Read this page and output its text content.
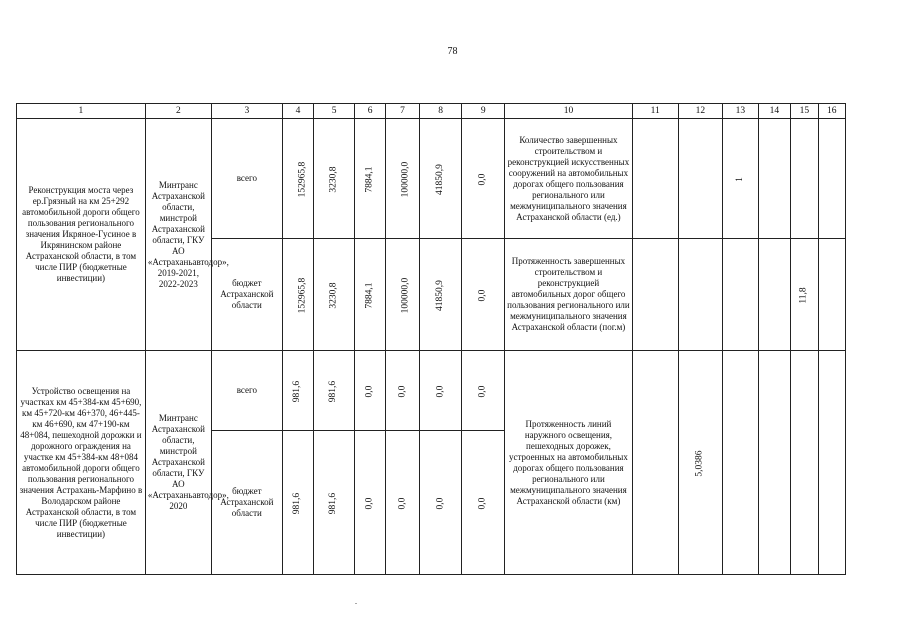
78
1	2	3	4	5	6	7	8	9	10	11	12	13	14	15	16
Реконструкция моста через ер.Грязный на км 25+292 автомобильной дороги общего пользования регионального значения Икряное-Гусиное в Икрянинском районе Астраханской области, в том числе ПИР (бюджетные инвестиции)	Минтранс Астраханской области, минстрой Астраханской области, ГКУ АО «Астраханьавтодор», 2019-2021, 2022-2023	всего	152965,8	3230,8	7884,1	100000,0	41850,9	0,0	Количество завершенных строительством и реконструкцией искусственных сооружений на автомобильных дорогах общего пользования регионального или межмуниципального значения Астраханской области (ед.)			1			
		бюджет Астраханской области	152965,8	3230,8	7884,1	100000,0	41850,9	0,0	Протяженность завершенных строительством и реконструкцией автомобильных дорог общего пользования регионального или межмуниципального значения Астраханской области (пог.м)					11,8	
Устройство освещения на участках км 45+384-км 45+690, км 45+720-км 46+370, 46+445-км 46+690, км 47+190-км 48+084, пешеходной дорожки и дорожного ограждения на участке км 45+384-км 48+084 автомобильной дороги общего пользования регионального значения Астрахань-Марфино в Володарском районе Астраханской области, в том числе ПИР (бюджетные инвестиции)	Минтранс Астраханской области, минстрой Астраханской области, ГКУ АО «Астраханьавтодор», 2020	всего	981,6	981,6	0,0	0,0	0,0	0,0	Протяженность линий наружного освещения, пешеходных дорожек, устроенных на автомобильных дорогах общего пользования регионального или межмуниципального значения Астраханской области (км)		5,0386				
		бюджет Астраханской области	981,6	981,6	0,0	0,0	0,0	0,0							
.
